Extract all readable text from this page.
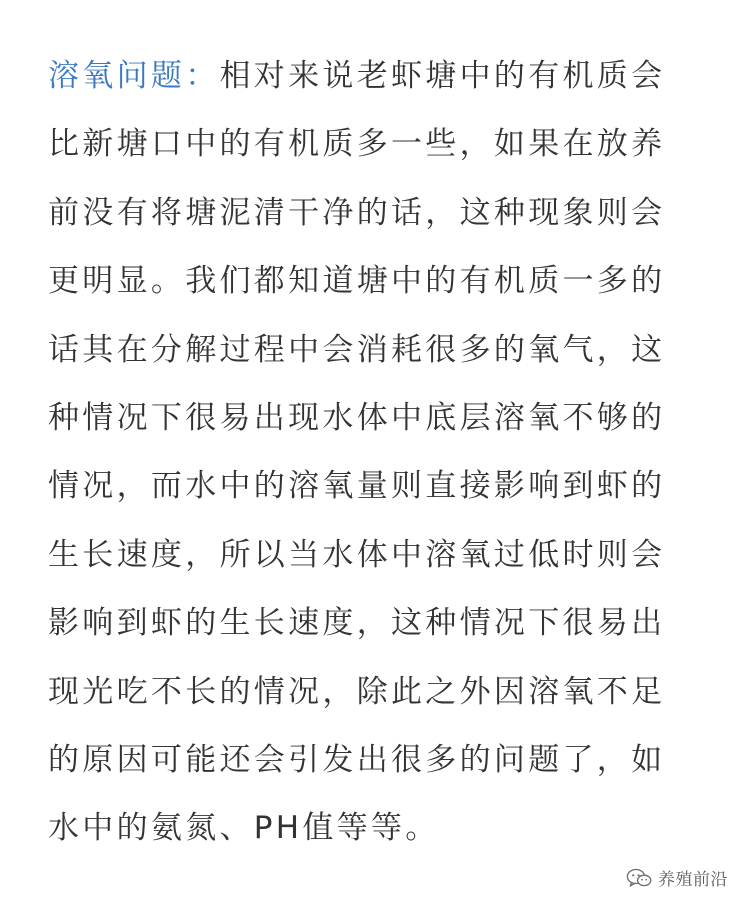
溶氧问题：相对来说老虾塘中的有机质会
比新塘口中的有机质多一些，如果在放养
前没有将塘泥清干净的话，这种现象则会
更明显。我们都知道塘中的有机质一多的
话其在分解过程中会消耗很多的氧气，这
种情况下很易出现水体中底层溶氧不够的
情况，而水中的溶氧量则直接影响到虾的
生长速度，所以当水体中溶氧过低时则会
影响到虾的生长速度，这种情况下很易出
现光吃不长的情况，除此之外因溶氧不足
的原因可能还会引发出很多的问题了，如
水中的氨氮、PH值等等。
养殖前沿
